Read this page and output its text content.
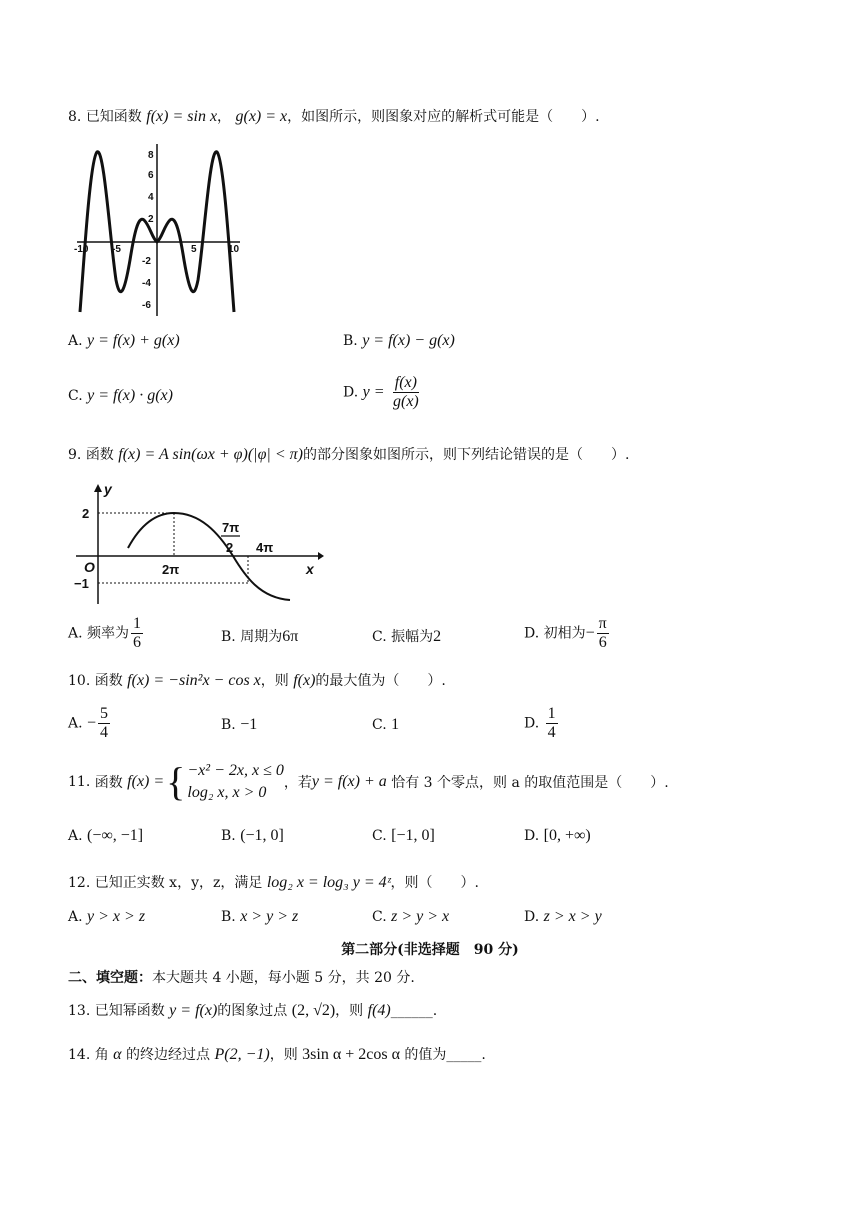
8. 已知函数 f(x) = sin x， g(x) = x，如图所示，则图象对应的解析式可能是（　　）.
-10 -5	5	10
8
6
4
2
-2
-4
-6
A. y = f(x) + g(x)	B. y = f(x) − g(x)
C. y = f(x) · g(x)	D. $y = \frac{f(x)}{g(x)}$
9. 函数 f(x) = A sin(ωx + φ)(|φ| < π)的部分图象如图所示，则下列结论错误的是（　　）.
y
x
O
2
−1
2π
7π
2 4π
A. 频率为 $\frac{1}{6}$	B. 周期为6π	C. 振幅为2	D. 初相为− $\frac{\pi}{6}$
10. 函数 f(x) = −sin²x − cos x，则 f(x)的最大值为（　　）.
A. − $\frac{5}{4}$	B. −1	C. 1	D. $\frac{1}{4}$
11.
函数
f(x) = { −x² − 2x, x ≤ 0
log₂ x, x > 0
，若 y = f(x) + a
恰有 3 个零点，则 a 的取值范围是（　　）.
A. (−∞, −1]	B. (−1, 0]	C. [−1, 0]	D. [0, +∞)
12. 已知正实数 x，y，z，满足 log₂ x = log₃ y = 4ᶻ，则（　　）.
A. y > x > z	B. x > y > z	C. z > y > x	D. z > x > y
第二部分(非选择题　90 分)
二、填空题：本大题共 4 小题，每小题 5 分，共 20 分.
13. 已知幂函数 y = f(x)的图象过点 (2, √2)，则 f(4)______.
14. 角 α 的终边经过点 P(2, −1)，则 3sin α + 2cos α 的值为_____.
